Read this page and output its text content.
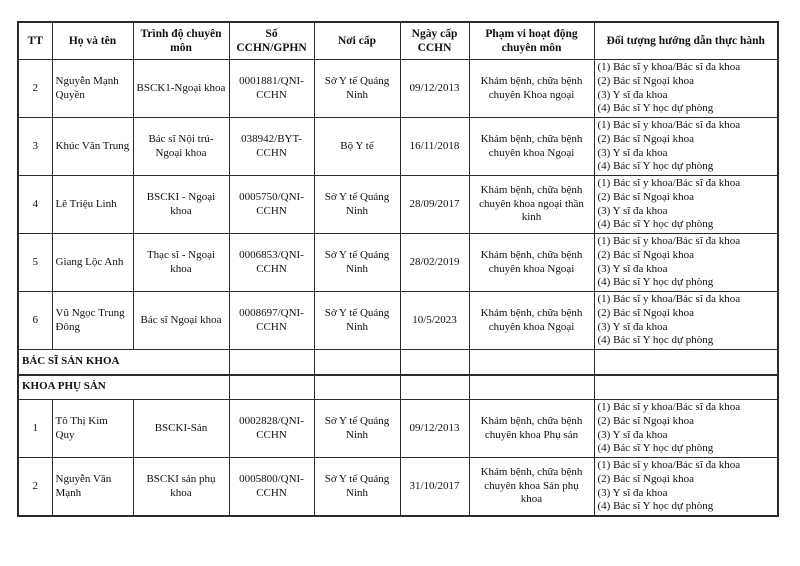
TT	Họ và tên	Trình độ chuyên môn	Số CCHN/GPHN	Nơi cấp	Ngày cấp CCHN	Phạm vi hoạt động chuyên môn	Đối tượng hướng dẫn thực hành
2	Nguyễn Mạnh Quyền	BSCK1-Ngoại khoa	0001881/QNI-CCHN	Sở Y tế Quảng Ninh	09/12/2013	Khám bệnh, chữa bệnh chuyên Khoa ngoại	(1) Bác sĩ y khoa/Bác sĩ đa khoa
(2) Bác sĩ Ngoại khoa
(3) Y sĩ đa khoa
(4) Bác sĩ Y học dự phòng

3	Khúc Văn Trung	Bác sĩ Nội trú-Ngoại khoa	038942/BYT-CCHN	Bộ Y tế	16/11/2018	Khám bệnh, chữa bệnh chuyên khoa Ngoại	(1) Bác sĩ y khoa/Bác sĩ đa khoa
(2) Bác sĩ Ngoại khoa
(3) Y sĩ đa khoa
(4) Bác sĩ Y học dự phòng

4	Lê Triệu Linh	BSCKI - Ngoại khoa	0005750/QNI-CCHN	Sở Y tế Quảng Ninh	28/09/2017	Khám bệnh, chữa bệnh chuyên khoa ngoại thần kinh	(1) Bác sĩ y khoa/Bác sĩ đa khoa
(2) Bác sĩ Ngoại khoa
(3) Y sĩ đa khoa
(4) Bác sĩ Y học dự phòng

5	Giang Lộc Anh	Thạc sĩ - Ngoại khoa	0006853/QNI-CCHN	Sở Y tế Quảng Ninh	28/02/2019	Khám bệnh, chữa bệnh chuyên khoa Ngoại	(1) Bác sĩ y khoa/Bác sĩ đa khoa
(2) Bác sĩ Ngoại khoa
(3) Y sĩ đa khoa
(4) Bác sĩ Y học dự phòng

6	Vũ Ngọc Trung Đông	Bác sĩ Ngoại khoa	0008697/QNI-CCHN	Sở Y tế Quảng Ninh	10/5/2023	Khám bệnh, chữa bệnh chuyên khoa Ngoại	(1) Bác sĩ y khoa/Bác sĩ đa khoa
(2) Bác sĩ Ngoại khoa
(3) Y sĩ đa khoa
(4) Bác sĩ Y học dự phòng

BÁC SĨ SẢN KHOA							
KHOA PHỤ SẢN							
1	Tô Thị Kim Quy	BSCKI-Sản	0002828/QNI-CCHN	Sở Y tế Quảng Ninh	09/12/2013	Khám bệnh, chữa bệnh chuyên khoa Phụ sản	(1) Bác sĩ y khoa/Bác sĩ đa khoa
(2) Bác sĩ Ngoại khoa
(3) Y sĩ đa khoa
(4) Bác sĩ Y học dự phòng

2	Nguyễn Văn Mạnh	BSCKI sản phụ khoa	0005800/QNI-CCHN	Sở Y tế Quảng Ninh	31/10/2017	Khám bệnh, chữa bệnh chuyên khoa Sản phụ khoa	(1) Bác sĩ y khoa/Bác sĩ đa khoa
(2) Bác sĩ Ngoại khoa
(3) Y sĩ đa khoa
(4) Bác sĩ Y học dự phòng
